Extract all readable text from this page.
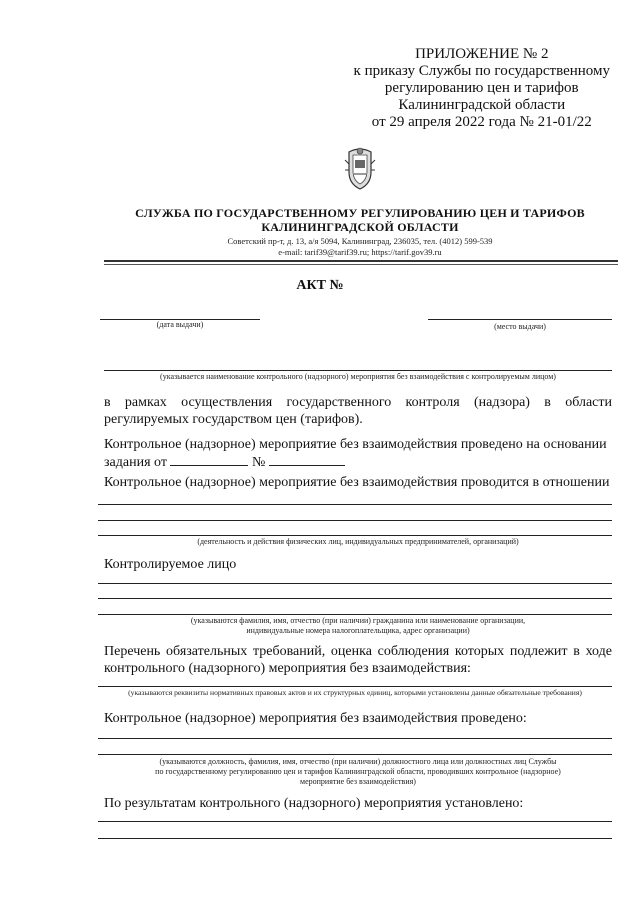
ПРИЛОЖЕНИЕ № 2
к приказу Службы по государственному
регулированию цен и тарифов
Калининградской области
от 29 апреля 2022 года № 21-01/22
СЛУЖБА ПО ГОСУДАРСТВЕННОМУ РЕГУЛИРОВАНИЮ ЦЕН И ТАРИФОВ
КАЛИНИНГРАДСКОЙ ОБЛАСТИ
Советский пр-т, д. 13, а/я 5094, Калининград, 236035, тел. (4012) 599-539
e-mail: tarif39@tarif39.ru; https://tarif.gov39.ru
АКТ №
(дата выдачи)	(место выдачи)
(указывается наименование контрольного (надзорного) мероприятия без взаимодействия с контролируемым лицом)
в рамках осуществления государственного контроля (надзора) в области регулируемых государством цен (тарифов).
Контрольное (надзорное) мероприятие без взаимодействия проведено на основании
задания от	№
Контрольное (надзорное) мероприятие без взаимодействия проводится в отношении
(деятельность и действия физических лиц, индивидуальных предпринимателей, организаций)
Контролируемое лицо
(указываются фамилия, имя, отчество (при наличии) гражданина или наименование организации,
индивидуальные номера налогоплательщика, адрес организации)
Перечень обязательных требований, оценка соблюдения которых подлежит в ходе контрольного (надзорного) мероприятия без взаимодействия:
(указываются реквизиты нормативных правовых актов и их структурных единиц, которыми установлены данные обязательные требования)
Контрольное (надзорное) мероприятия без взаимодействия проведено:
(указываются должность, фамилия, имя, отчество (при наличии) должностного лица или должностных лиц Службы
по государственному регулированию цен и тарифов Калининградской области, проводивших контрольное (надзорное)
мероприятие без взаимодействия)
По результатам контрольного (надзорного) мероприятия установлено:
